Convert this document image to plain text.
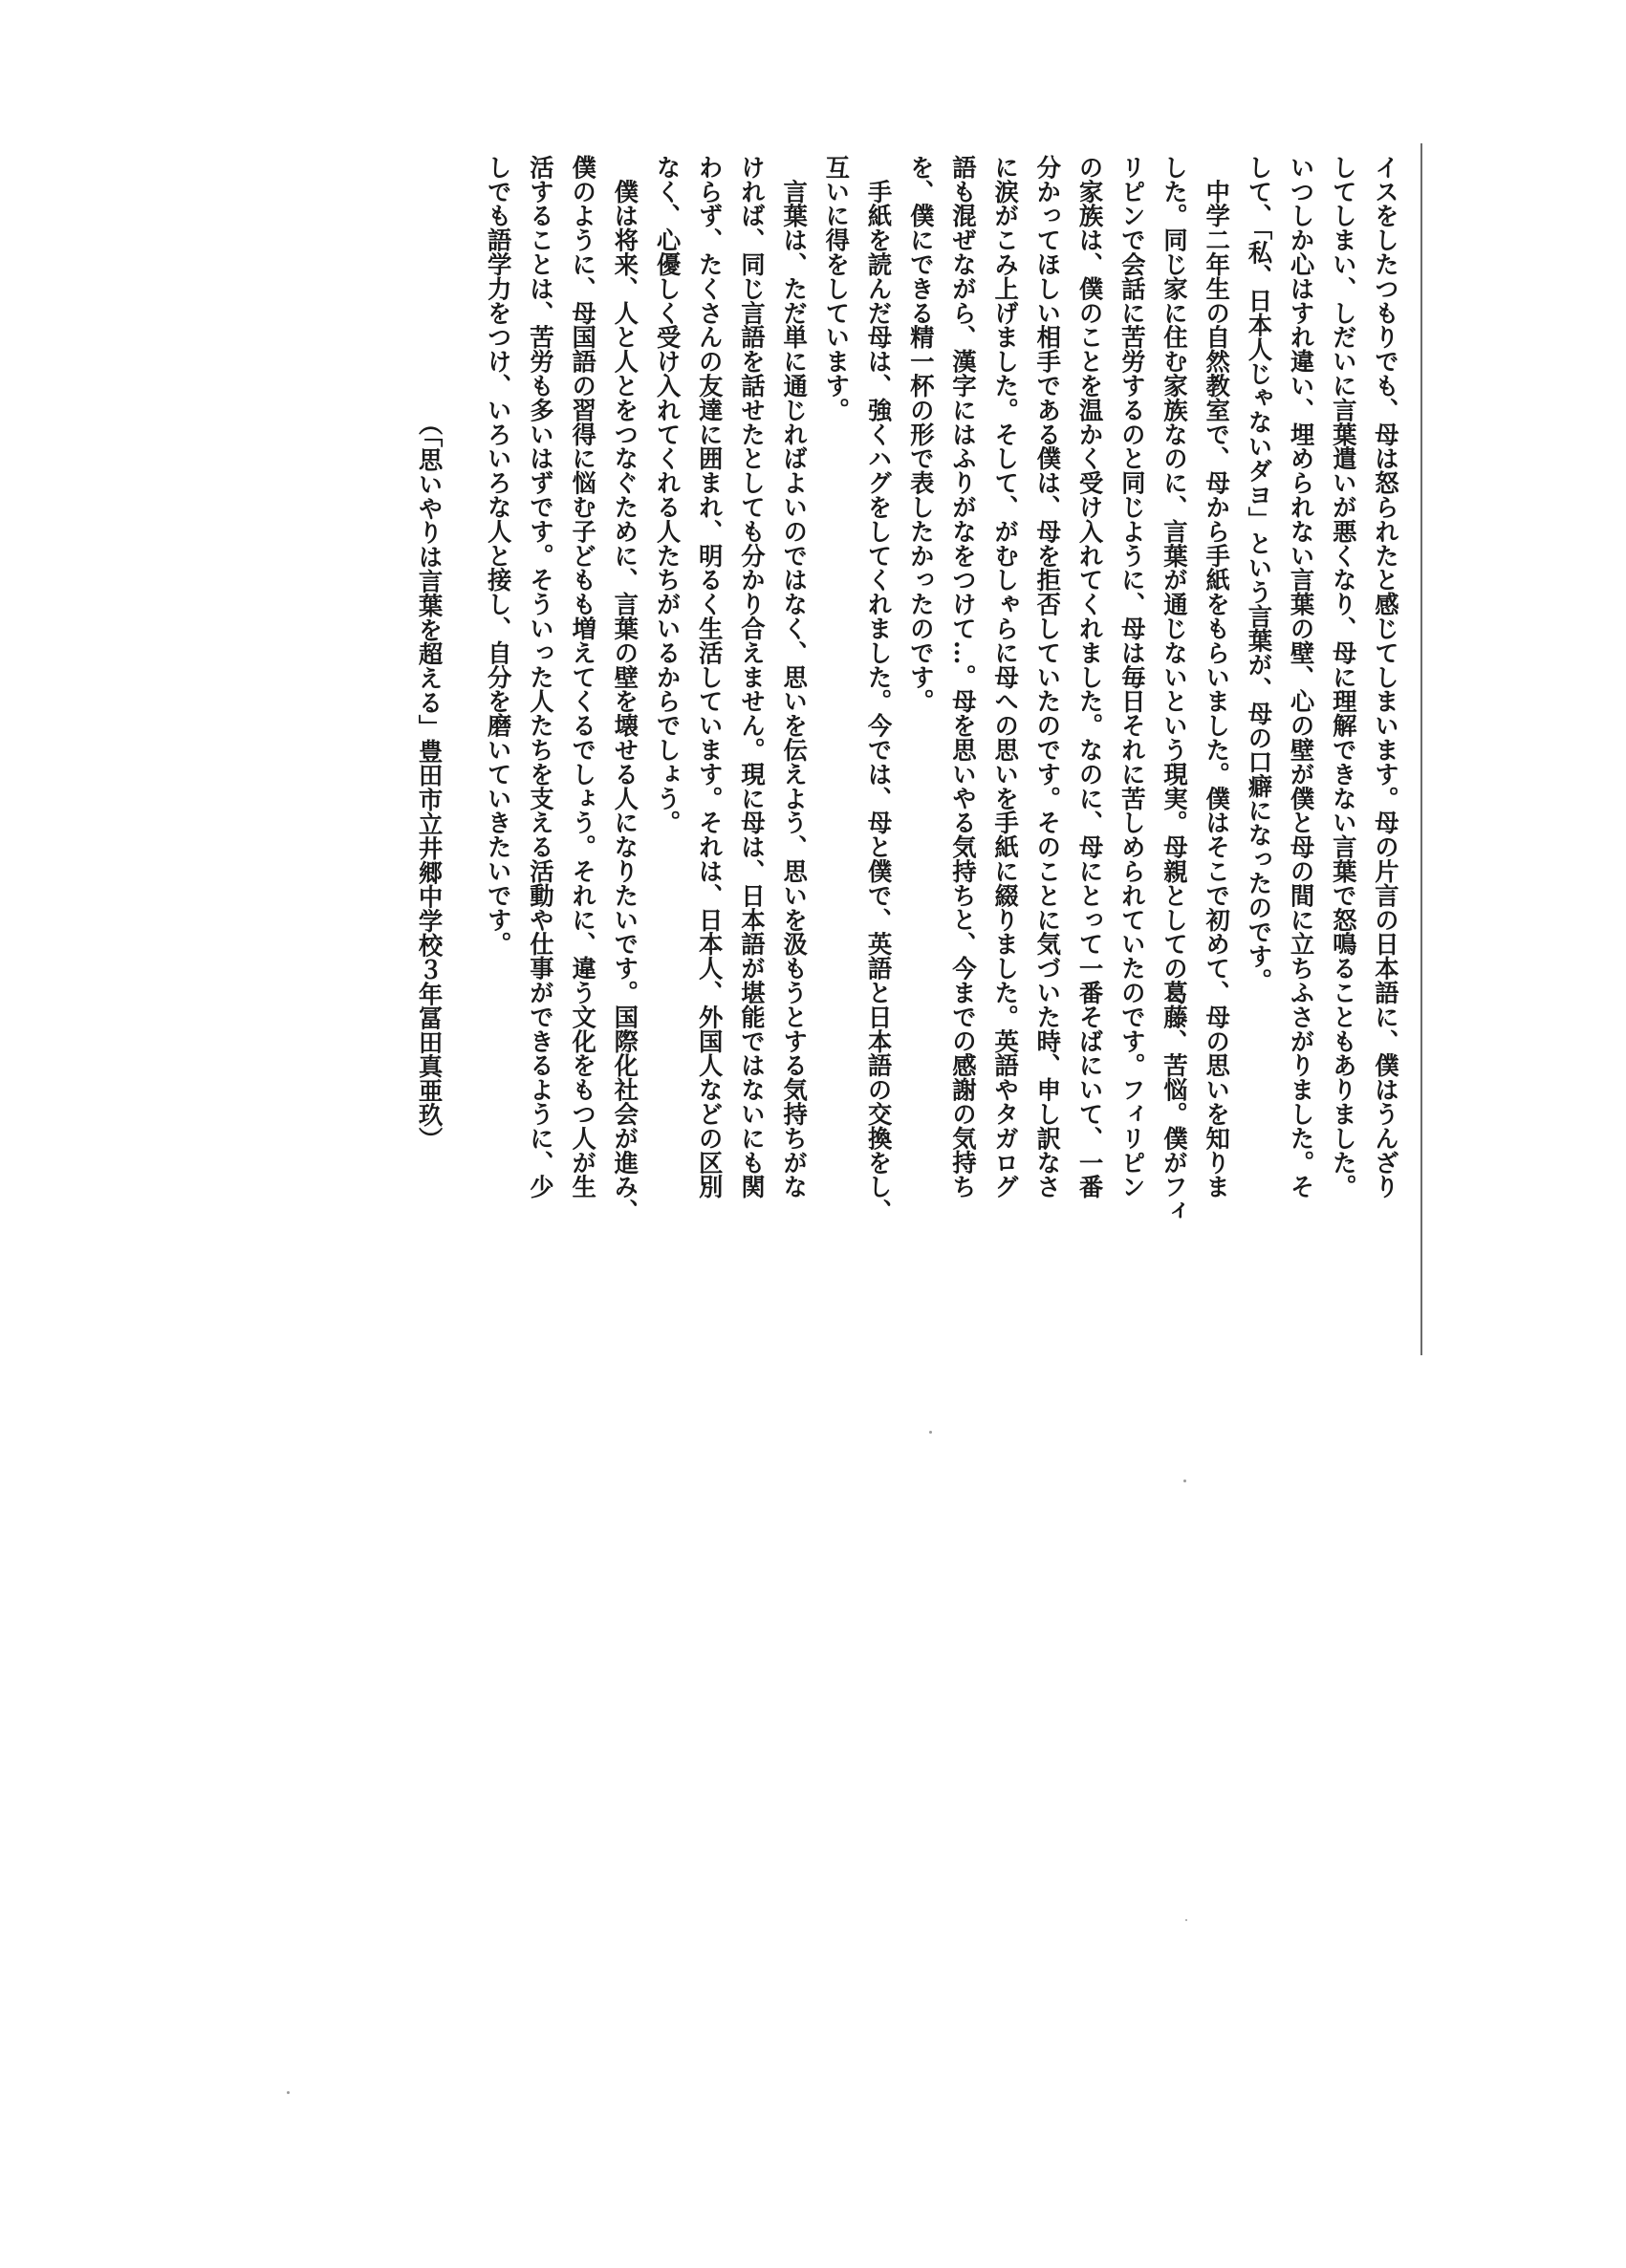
イスをしたつもりでも、母は怒られたと感じてしまいます。母の片言の日本語に、僕はうんざり

してしまい、しだいに言葉遣いが悪くなり、母に理解できない言葉で怒鳴ることもありました。

いつしか心はすれ違い、埋められない言葉の壁、心の壁が僕と母の間に立ちふさがりました。そ

して、「私、日本人じゃないダヨ」という言葉が、母の口癖になったのです。

　中学二年生の自然教室で、母から手紙をもらいました。僕はそこで初めて、母の思いを知りま

した。同じ家に住む家族なのに、言葉が通じないという現実。母親としての葛藤、苦悩。僕がフィ

リピンで会話に苦労するのと同じように、母は毎日それに苦しめられていたのです。フィリピン

の家族は、僕のことを温かく受け入れてくれました。なのに、母にとって一番そばにいて、一番

分かってほしい相手である僕は、母を拒否していたのです。そのことに気づいた時、申し訳なさ

に涙がこみ上げました。そして、がむしゃらに母への思いを手紙に綴りました。英語やタガログ

語も混ぜながら、漢字にはふりがなをつけて…。母を思いやる気持ちと、今までの感謝の気持ち

を、僕にできる精一杯の形で表したかったのです。

　手紙を読んだ母は、強くハグをしてくれました。今では、母と僕で、英語と日本語の交換をし、

互いに得をしています。

　言葉は、ただ単に通じればよいのではなく、思いを伝えよう、思いを汲もうとする気持ちがな

ければ、同じ言語を話せたとしても分かり合えません。現に母は、日本語が堪能ではないにも関

わらず、たくさんの友達に囲まれ、明るく生活しています。それは、日本人、外国人などの区別

なく、心優しく受け入れてくれる人たちがいるからでしょう。

　僕は将来、人と人とをつなぐために、言葉の壁を壊せる人になりたいです。国際化社会が進み、

僕のように、母国語の習得に悩む子どもも増えてくるでしょう。それに、違う文化をもつ人が生

活することは、苦労も多いはずです。そういった人たちを支える活動や仕事ができるように、少

しでも語学力をつけ、いろいろな人と接し、自分を磨いていきたいです。

（「思いやりは言葉を超える」豊田市立井郷中学校３年冨田真亜玖）
